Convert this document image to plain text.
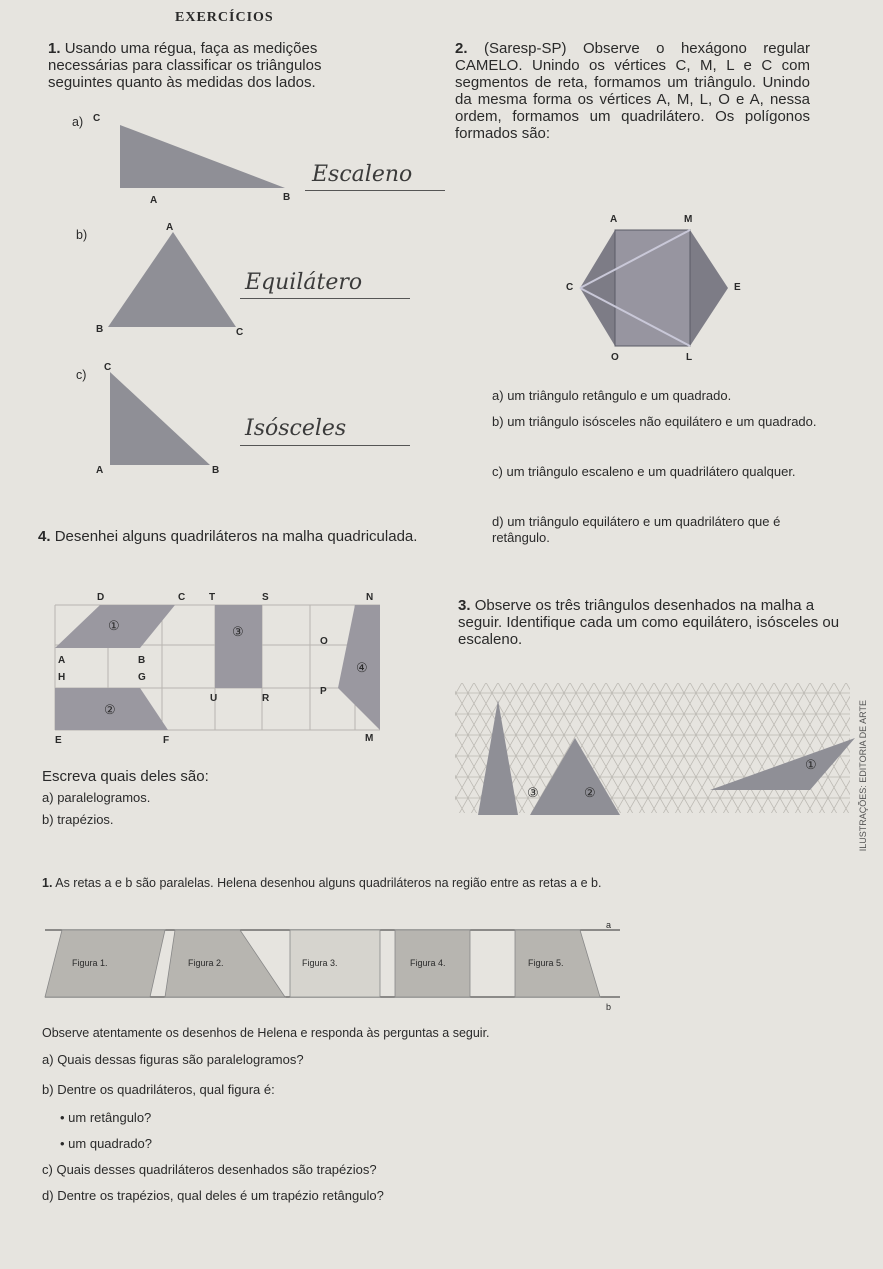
EXERCÍCIOS
1. Usando uma régua, faça as medições necessárias para classificar os triângulos seguintes quanto às medidas dos lados.
a) C
A	B
Escaleno
b)
A
B	C
Equilátero
c)
C
A	B
Isósceles
2. (Saresp-SP) Observe o hexágono regular CAMELO. Unindo os vértices C, M, L e C com segmentos de reta, formamos um triângulo. Unindo da mesma forma os vértices A, M, L, O e A, nessa ordem, formamos um quadrilátero. Os polígonos formados são:
A	M
C	E
O	L
a) um triângulo retângulo e um quadrado.
b) um triângulo isósceles não equilátero e um quadrado.
c) um triângulo escaleno e um quadrilátero qualquer.
d) um triângulo equilátero e um quadrilátero que é retângulo.
4. Desenhei alguns quadriláteros na malha quadriculada.
D	C T	S	N
A	B
H	G
U	R
P
E	F	M
O
①
②
③
④
Escreva quais deles são:
a) paralelogramos.
b) trapézios.
3. Observe os três triângulos desenhados na malha a seguir. Identifique cada um como equilátero, isósceles ou escaleno.
①
②
③	ILUSTRAÇÕES: EDITORIA DE ARTE
1. As retas a e b são paralelas. Helena desenhou alguns quadriláteros na região entre as retas a e b.
Figura 1.	Figura 2.	Figura 3.	Figura 4.	Figura 5.
a
b
Observe atentamente os desenhos de Helena e responda às perguntas a seguir.
a) Quais dessas figuras são paralelogramos?
b) Dentre os quadriláteros, qual figura é:
• um retângulo?
• um quadrado?
c) Quais desses quadriláteros desenhados são trapézios?
d) Dentre os trapézios, qual deles é um trapézio retângulo?
